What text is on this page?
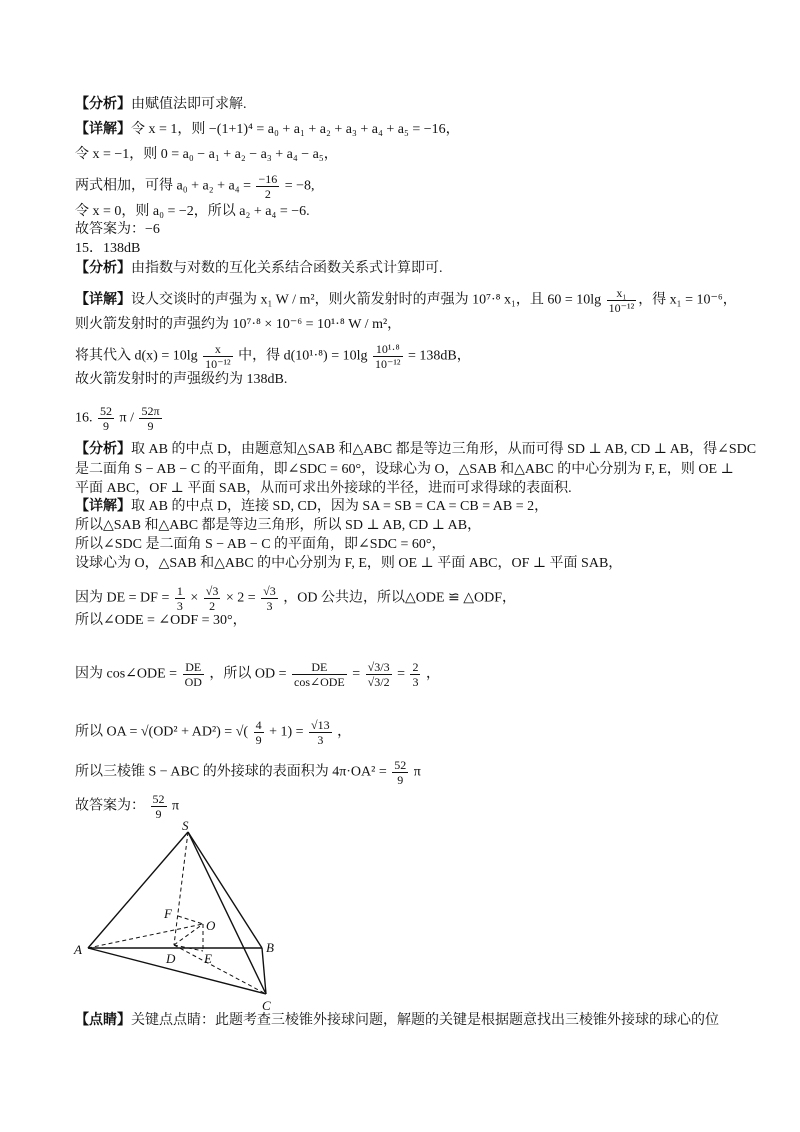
【分析】由赋值法即可求解.
【详解】令 x = 1，则 −(1+1)⁴ = a₀ + a₁ + a₂ + a₃ + a₄ + a₅ = −16，
令 x = −1，则 0 = a₀ − a₁ + a₂ − a₃ + a₄ − a₅，
两式相加，可得 $a_0 + a_2 + a_4 = \frac{-16}{2} = -8$,
令 x = 0，则 a₀ = −2，所以 a₂ + a₄ = −6.
故答案为：−6
15．138dB
【分析】由指数与对数的互化关系结合函数关系式计算即可.
【详解】设人交谈时的声强为 x₁ W / m²，则火箭发射时的声强为 10⁷·⁸ x₁，且 $60 = 10\lg \frac{\text{x₁}}{\text{10⁻¹²}}$ ，得 x₁ = 10⁻⁶，
则火箭发射时的声强约为 10⁷·⁸ × 10⁻⁶ = 10¹·⁸ W / m²，
将其代入 $d(x) = 10\lg \frac{x}{\text{10⁻¹²}}$ 中，得 $d(10^1\cdot^8) = 10\lg \frac{\text{10¹·⁸}}{\text{10⁻¹²}} = 138dB$，
故火箭发射时的声强级约为 138dB.
16. $\frac{52}{9}$ π / $\frac{52\pi}{9}$
【分析】取 AB 的中点 D，由题意知△SAB 和△ABC 都是等边三角形，从而可得 SD ⊥ AB, CD ⊥ AB，得∠SDC
是二面角 S − AB − C 的平面角，即∠SDC = 60°，设球心为 O，△SAB 和△ABC 的中心分别为 F, E，则 OE ⊥
平面 ABC，OF ⊥ 平面 SAB，从而可求出外接球的半径，进而可求得球的表面积.
【详解】取 AB 的中点 D，连接 SD, CD，因为 SA = SB = CA = CB = AB = 2，
所以△SAB 和△ABC 都是等边三角形，所以 SD ⊥ AB, CD ⊥ AB，
所以∠SDC 是二面角 S − AB − C 的平面角，即∠SDC = 60°，
设球心为 O，△SAB 和△ABC 的中心分别为 F, E，则 OE ⊥ 平面 ABC，OF ⊥ 平面 SAB，
因为 DE = DF = $\frac{1}{3} \times \frac{√3}{2} \times 2 = \frac{√3}{3}$ ，OD 公共边，所以△ODE ≌ △ODF，
所以∠ODE = ∠ODF = 30°，
因为 cos∠ODE = $\frac{DE}{OD}$ ，所以 OD = $\frac{DE}{\text{cos∠ODE}} = \frac{√3/3}{√3/2} = \frac{2}{3}$ ，
所以 OA = √(OD² + AD²) = √( $\frac{4}{9} + 1) = \frac{√13}{3}$ ，
所以三棱锥 S − ABC 的外接球的表面积为 $4\pi\cdot OA^2 = \frac{52}{9}$ π
故答案为： $\frac{52}{9}$ π
S
A	B
C
D E
F
O
【点睛】关键点点睛：此题考查三棱锥外接球问题，解题的关键是根据题意找出三棱锥外接球的球心的位
